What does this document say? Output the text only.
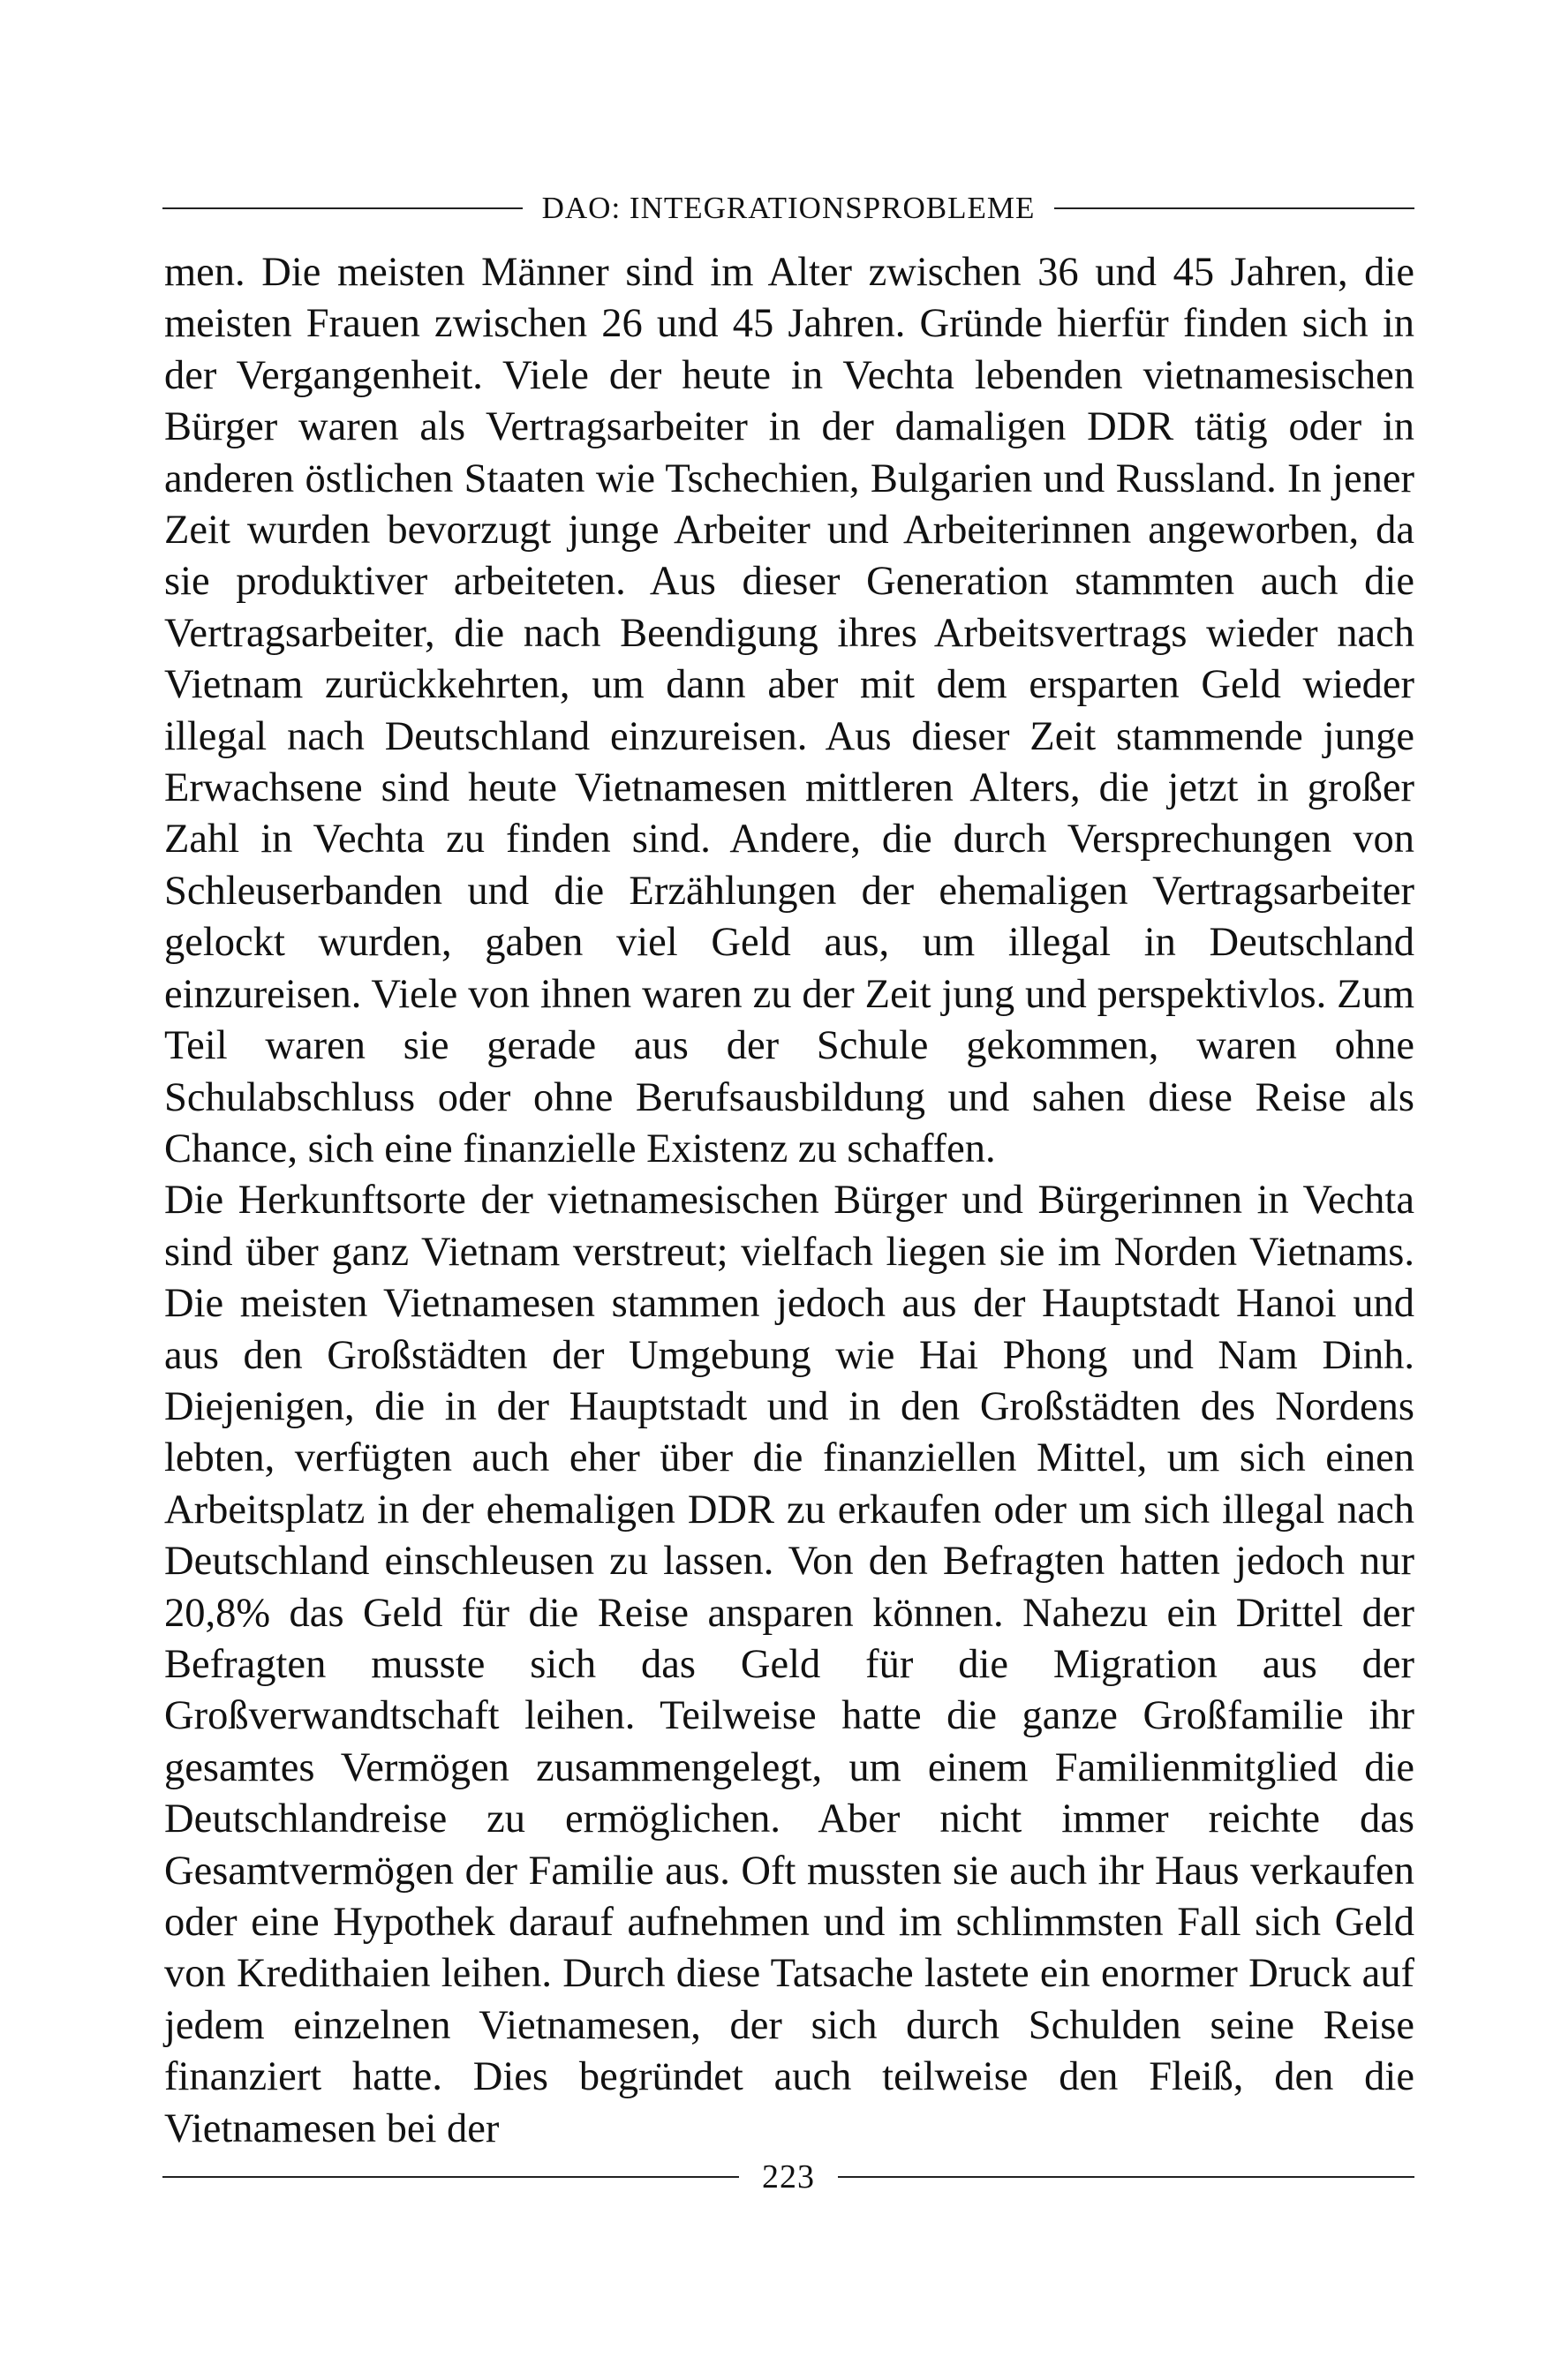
DAO: INTEGRATIONSPROBLEME

men. Die meisten Männer sind im Alter zwischen 36 und 45 Jahren, die meisten Frauen zwischen 26 und 45 Jahren. Gründe hierfür finden sich in der Vergangenheit. Viele der heute in Vechta lebenden vietnamesischen Bürger waren als Vertragsarbeiter in der damaligen DDR tätig oder in anderen östlichen Staaten wie Tschechien, Bulgarien und Russland. In jener Zeit wurden bevorzugt junge Arbeiter und Arbeiterinnen angeworben, da sie produktiver arbeiteten. Aus dieser Generation stammten auch die Vertragsarbeiter, die nach Beendigung ihres Arbeitsvertrags wieder nach Vietnam zurückkehrten, um dann aber mit dem ersparten Geld wieder illegal nach Deutschland einzureisen. Aus dieser Zeit stammende junge Erwachsene sind heute Vietnamesen mittleren Alters, die jetzt in großer Zahl in Vechta zu finden sind. Andere, die durch Versprechungen von Schleuserbanden und die Erzählungen der ehemaligen Vertragsarbeiter gelockt wurden, gaben viel Geld aus, um illegal in Deutschland einzureisen. Viele von ihnen waren zu der Zeit jung und perspektivlos. Zum Teil waren sie gerade aus der Schule gekommen, waren ohne Schulabschluss oder ohne Berufsausbildung und sahen diese Reise als Chance, sich eine finanzielle Existenz zu schaffen.

Die Herkunftsorte der vietnamesischen Bürger und Bürgerinnen in Vechta sind über ganz Vietnam verstreut; vielfach liegen sie im Norden Vietnams. Die meisten Vietnamesen stammen jedoch aus der Hauptstadt Hanoi und aus den Großstädten der Umgebung wie Hai Phong und Nam Dinh. Diejenigen, die in der Hauptstadt und in den Großstädten des Nordens lebten, verfügten auch eher über die finanziellen Mittel, um sich einen Arbeitsplatz in der ehemaligen DDR zu erkaufen oder um sich illegal nach Deutschland einschleusen zu lassen. Von den Befragten hatten jedoch nur 20,8% das Geld für die Reise ansparen können. Nahezu ein Drittel der Befragten musste sich das Geld für die Migration aus der Großverwandtschaft leihen. Teilweise hatte die ganze Großfamilie ihr gesamtes Vermögen zusammengelegt, um einem Familienmitglied die Deutschlandreise zu ermöglichen. Aber nicht immer reichte das Gesamtvermögen der Familie aus. Oft mussten sie auch ihr Haus verkaufen oder eine Hypothek darauf aufnehmen und im schlimmsten Fall sich Geld von Kredithaien leihen. Durch diese Tatsache lastete ein enormer Druck auf jedem einzelnen Vietnamesen, der sich durch Schulden seine Reise finanziert hatte. Dies begründet auch teilweise den Fleiß, den die Vietnamesen bei der

223
